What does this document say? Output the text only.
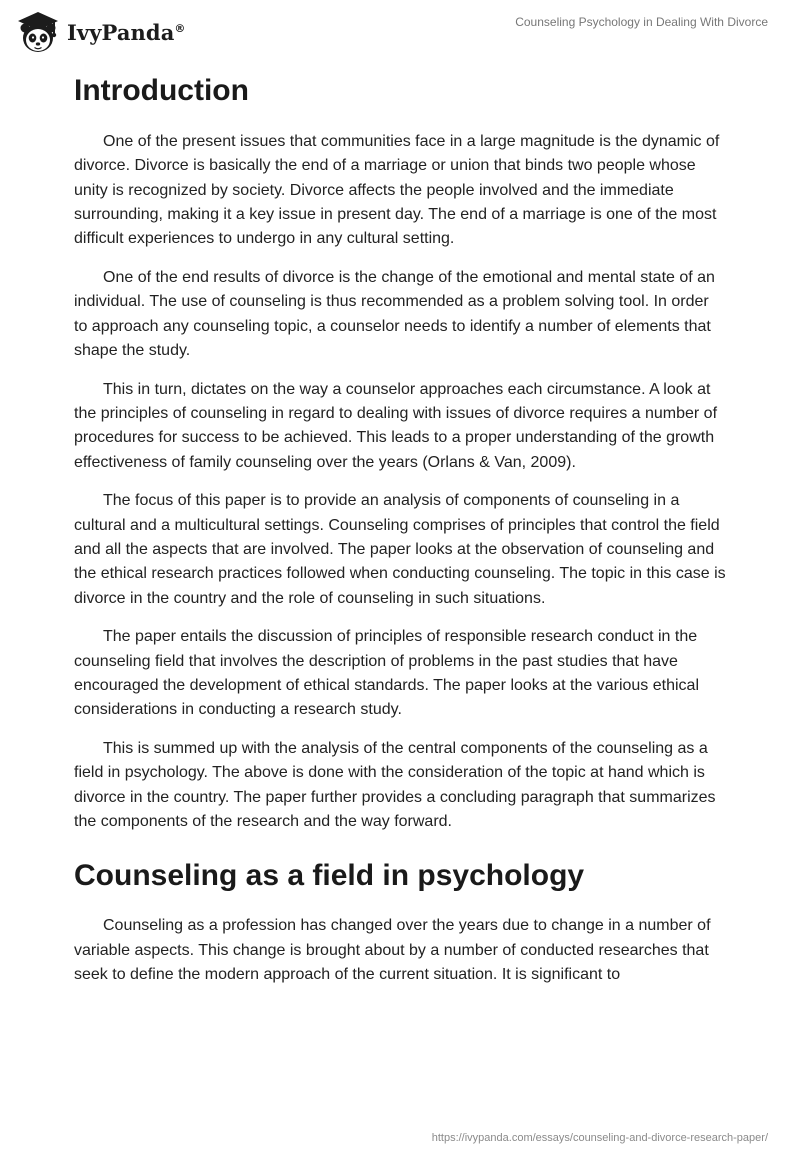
IvyPanda®	Counseling Psychology in Dealing With Divorce
Introduction

One of the present issues that communities face in a large magnitude is the dynamic of divorce. Divorce is basically the end of a marriage or union that binds two people whose unity is recognized by society. Divorce affects the people involved and the immediate surrounding, making it a key issue in present day. The end of a marriage is one of the most difficult experiences to undergo in any cultural setting.

One of the end results of divorce is the change of the emotional and mental state of an individual. The use of counseling is thus recommended as a problem solving tool. In order to approach any counseling topic, a counselor needs to identify a number of elements that shape the study.

This in turn, dictates on the way a counselor approaches each circumstance. A look at the principles of counseling in regard to dealing with issues of divorce requires a number of procedures for success to be achieved. This leads to a proper understanding of the growth effectiveness of family counseling over the years (Orlans & Van, 2009).

The focus of this paper is to provide an analysis of components of counseling in a cultural and a multicultural settings. Counseling comprises of principles that control the field and all the aspects that are involved. The paper looks at the observation of counseling and the ethical research practices followed when conducting counseling. The topic in this case is divorce in the country and the role of counseling in such situations.

The paper entails the discussion of principles of responsible research conduct in the counseling field that involves the description of problems in the past studies that have encouraged the development of ethical standards. The paper looks at the various ethical considerations in conducting a research study.

This is summed up with the analysis of the central components of the counseling as a field in psychology. The above is done with the consideration of the topic at hand which is divorce in the country. The paper further provides a concluding paragraph that summarizes the components of the research and the way forward.

Counseling as a field in psychology

Counseling as a profession has changed over the years due to change in a number of variable aspects. This change is brought about by a number of conducted researches that seek to define the modern approach of the current situation. It is significant to

https://ivypanda.com/essays/counseling-and-divorce-research-paper/
